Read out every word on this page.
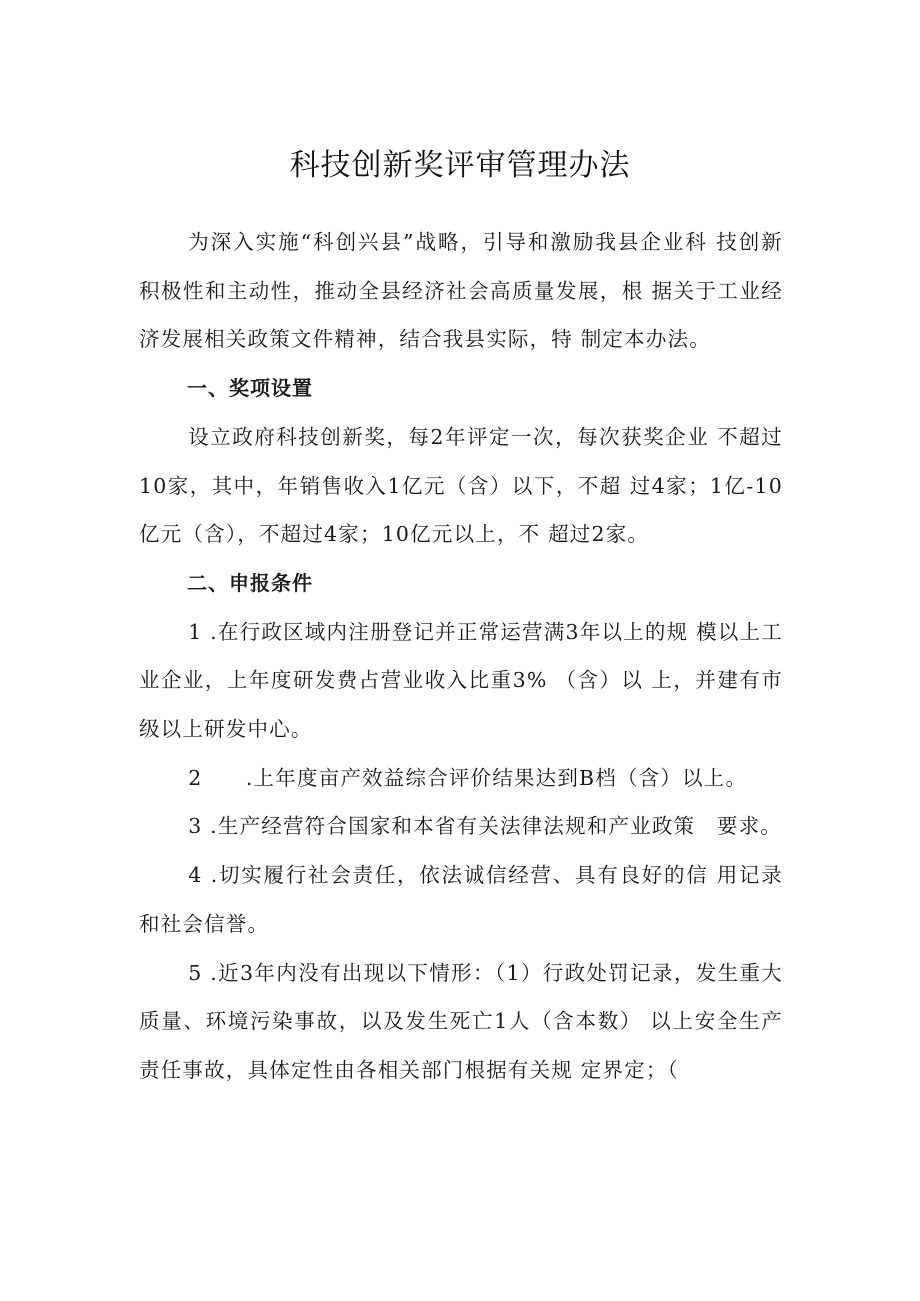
科技创新奖评审管理办法

为深入实施“科创兴县”战略，引导和激励我县企业科 技创新积极性和主动性，推动全县经济社会高质量发展，根 据关于工业经济发展相关政策文件精神，结合我县实际，特 制定本办法。

一、奖项设置

设立政府科技创新奖，每2年评定一次，每次获奖企业 不超过10家，其中，年销售收入1亿元（含）以下，不超 过4家；1亿-10亿元（含），不超过4家；10亿元以上，不 超过2家。

二、申报条件

1 .在行政区域内注册登记并正常运营满3年以上的规 模以上工业企业，上年度研发费占营业收入比重3% （含）以 上，并建有市级以上研发中心。

2　　.上年度亩产效益综合评价结果达到B档（含）以上。

3 .生产经营符合国家和本省有关法律法规和产业政策　要求。

4 .切实履行社会责任，依法诚信经营、具有良好的信 用记录和社会信誉。

5 .近3年内没有出现以下情形：（1）行政处罚记录，发生重大质量、环境污染事故，以及发生死亡1人（含本数） 以上安全生产责任事故，具体定性由各相关部门根据有关规 定界定；（
